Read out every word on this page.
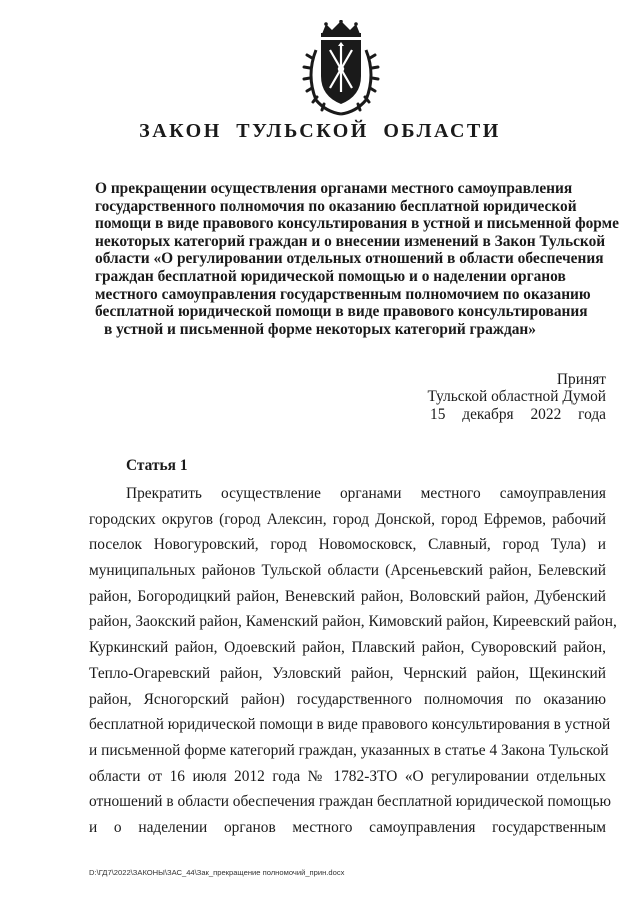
ЗАКОН ТУЛЬСКОЙ ОБЛАСТИ

О прекращении осуществления органами местного самоуправления
государственного полномочия по оказанию бесплатной юридической
помощи в виде правового консультирования в устной и письменной форме
некоторых категорий граждан и о внесении изменений в Закон Тульской
области «О регулировании отдельных отношений в области обеспечения
граждан бесплатной юридической помощью и о наделении органов
местного самоуправления государственным полномочием по оказанию
бесплатной юридической помощи в виде правового консультирования
в устной и письменной форме некоторых категорий граждан»

Принят
Тульской областной Думой
15 декабря 2022 года
Статья 1
Прекратить осуществление органами местного самоуправления
городских округов (город Алексин, город Донской, город Ефремов, рабочий
поселок Новогуровский, город Новомосковск, Славный, город Тула) и
муниципальных районов Тульской области (Арсеньевский район, Белевский
район, Богородицкий район, Веневский район, Воловский район, Дубенский
район, Заокский район, Каменский район, Кимовский район, Киреевский район,
Куркинский район, Одоевский район, Плавский район, Суворовский район,
Тепло-Огаревский район, Узловский район, Чернский район, Щекинский
район, Ясногорский район) государственного полномочия по оказанию
бесплатной юридической помощи в виде правового консультирования в устной
и письменной форме категорий граждан, указанных в статье 4 Закона Тульской
области от 16 июля 2012 года № 1782-ЗТО «О регулировании отдельных
отношений в области обеспечения граждан бесплатной юридической помощью
и о наделении органов местного самоуправления государственным
D:\ГД7\2022\ЗАКОНЫ\ЗАС_44\Зак_прекращение полномочий_прин.docx
